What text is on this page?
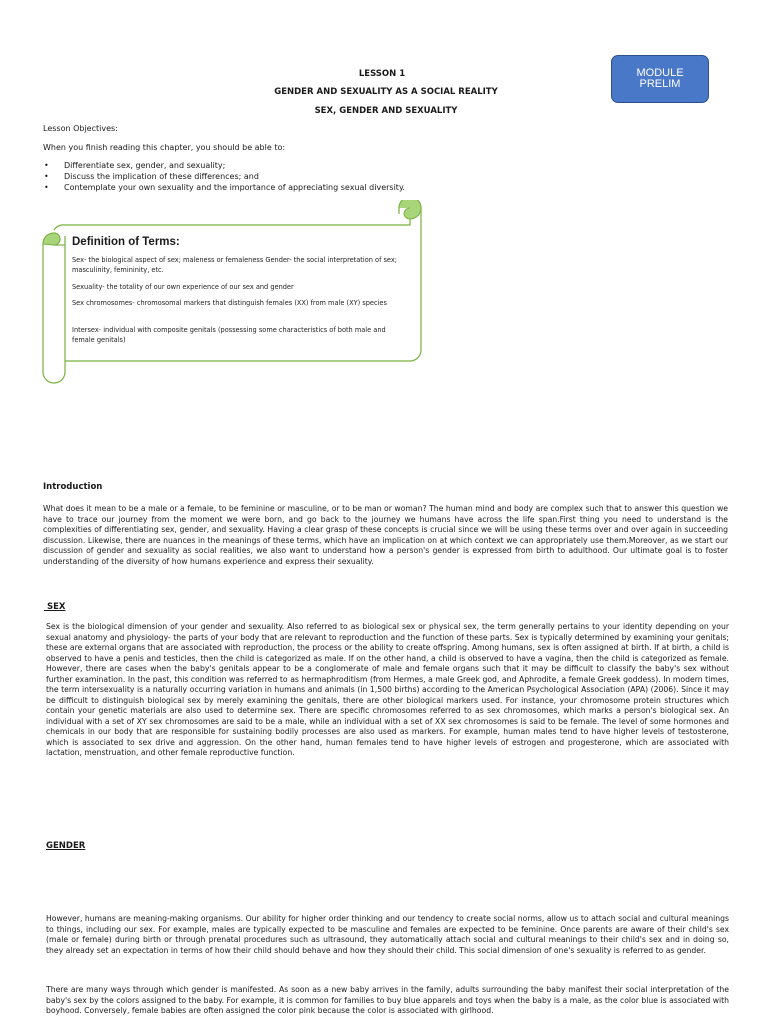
MODULE
PRELIM
LESSON 1
GENDER AND SEXUALITY AS A SOCIAL REALITY
SEX, GENDER AND SEXUALITY
Lesson Objectives:
When you finish reading this chapter, you should be able to:
• Differentiate sex, gender, and sexuality;
• Discuss the implication of these differences; and
• Contemplate your own sexuality and the importance of appreciating sexual diversity.
Definition of Terms:
Sex- the biological aspect of sex; maleness or femaleness Gender- the social interpretation of sex; masculinity, femininity, etc.
Sexuality- the totality of our own experience of our sex and gender
Sex chromosomes- chromosomal markers that distinguish females (XX) from male (XY) species
Intersex- individual with composite genitals (possessing some characteristics of both male and female genitals)
Introduction
What does it mean to be a male or a female, to be feminine or masculine, or to be man or woman? The human mind and body are complex such that to answer this question we have to trace our journey from the moment we were born, and go back to the journey we humans have across the life span.First thing you need to understand is the complexities of differentiating sex, gender, and sexuality. Having a clear grasp of these concepts is crucial since we will be using these terms over and over again in succeeding discussion. Likewise, there are nuances in the meanings of these terms, which have an implication on at which context we can appropriately use them.Moreover, as we start our discussion of gender and sexuality as social realities, we also want to understand how a person's gender is expressed from birth to adulthood. Our ultimate goal is to foster understanding of the diversity of how humans experience and express their sexuality.
SEX
Sex is the biological dimension of your gender and sexuality. Also referred to as biological sex or physical sex, the term generally pertains to your identity depending on your sexual anatomy and physiology- the parts of your body that are relevant to reproduction and the function of these parts. Sex is typically determined by examining your genitals; these are external organs that are associated with reproduction, the process or the ability to create offspring. Among humans, sex is often assigned at birth. If at birth, a child is observed to have a penis and testicles, then the child is categorized as male. If on the other hand, a child is observed to have a vagina, then the child is categorized as female. However, there are cases when the baby's genitals appear to be a conglomerate of male and female organs such that it may be difficult to classify the baby's sex without further examination. In the past, this condition was referred to as hermaphroditism (from Hermes, a male Greek god, and Aphrodite, a female Greek goddess). In modern times, the term intersexuality is a naturally occurring variation in humans and animals (in 1,500 births) according to the American Psychological Association (APA) (2006). Since it may be difficult to distinguish biological sex by merely examining the genitals, there are other biological markers used. For instance, your chromosome protein structures which contain your genetic materials are also used to determine sex. There are specific chromosomes referred to as sex chromosomes, which marks a person's biological sex. An individual with a set of XY sex chromosomes are said to be a male, while an individual with a set of XX sex chromosomes is said to be female. The level of some hormones and chemicals in our body that are responsible for sustaining bodily processes are also used as markers. For example, human males tend to have higher levels of testosterone, which is associated to sex drive and aggression. On the other hand, human females tend to have higher levels of estrogen and progesterone, which are associated with lactation, menstruation, and other female reproductive function.
GENDER
However, humans are meaning-making organisms. Our ability for higher order thinking and our tendency to create social norms, allow us to attach social and cultural meanings to things, including our sex. For example, males are typically expected to be masculine and females are expected to be feminine. Once parents are aware of their child's sex (male or female) during birth or through prenatal procedures such as ultrasound, they automatically attach social and cultural meanings to their child's sex and in doing so, they already set an expectation in terms of how their child should behave and how they should their child. This social dimension of one's sexuality is referred to as gender.
There are many ways through which gender is manifested. As soon as a new baby arrives in the family, adults surrounding the baby manifest their social interpretation of the baby's sex by the colors assigned to the baby. For example, it is common for families to buy blue apparels and toys when the baby is a male, as the color blue is associated with boyhood. Conversely, female babies are often assigned the color pink because the color is associated with girlhood.
